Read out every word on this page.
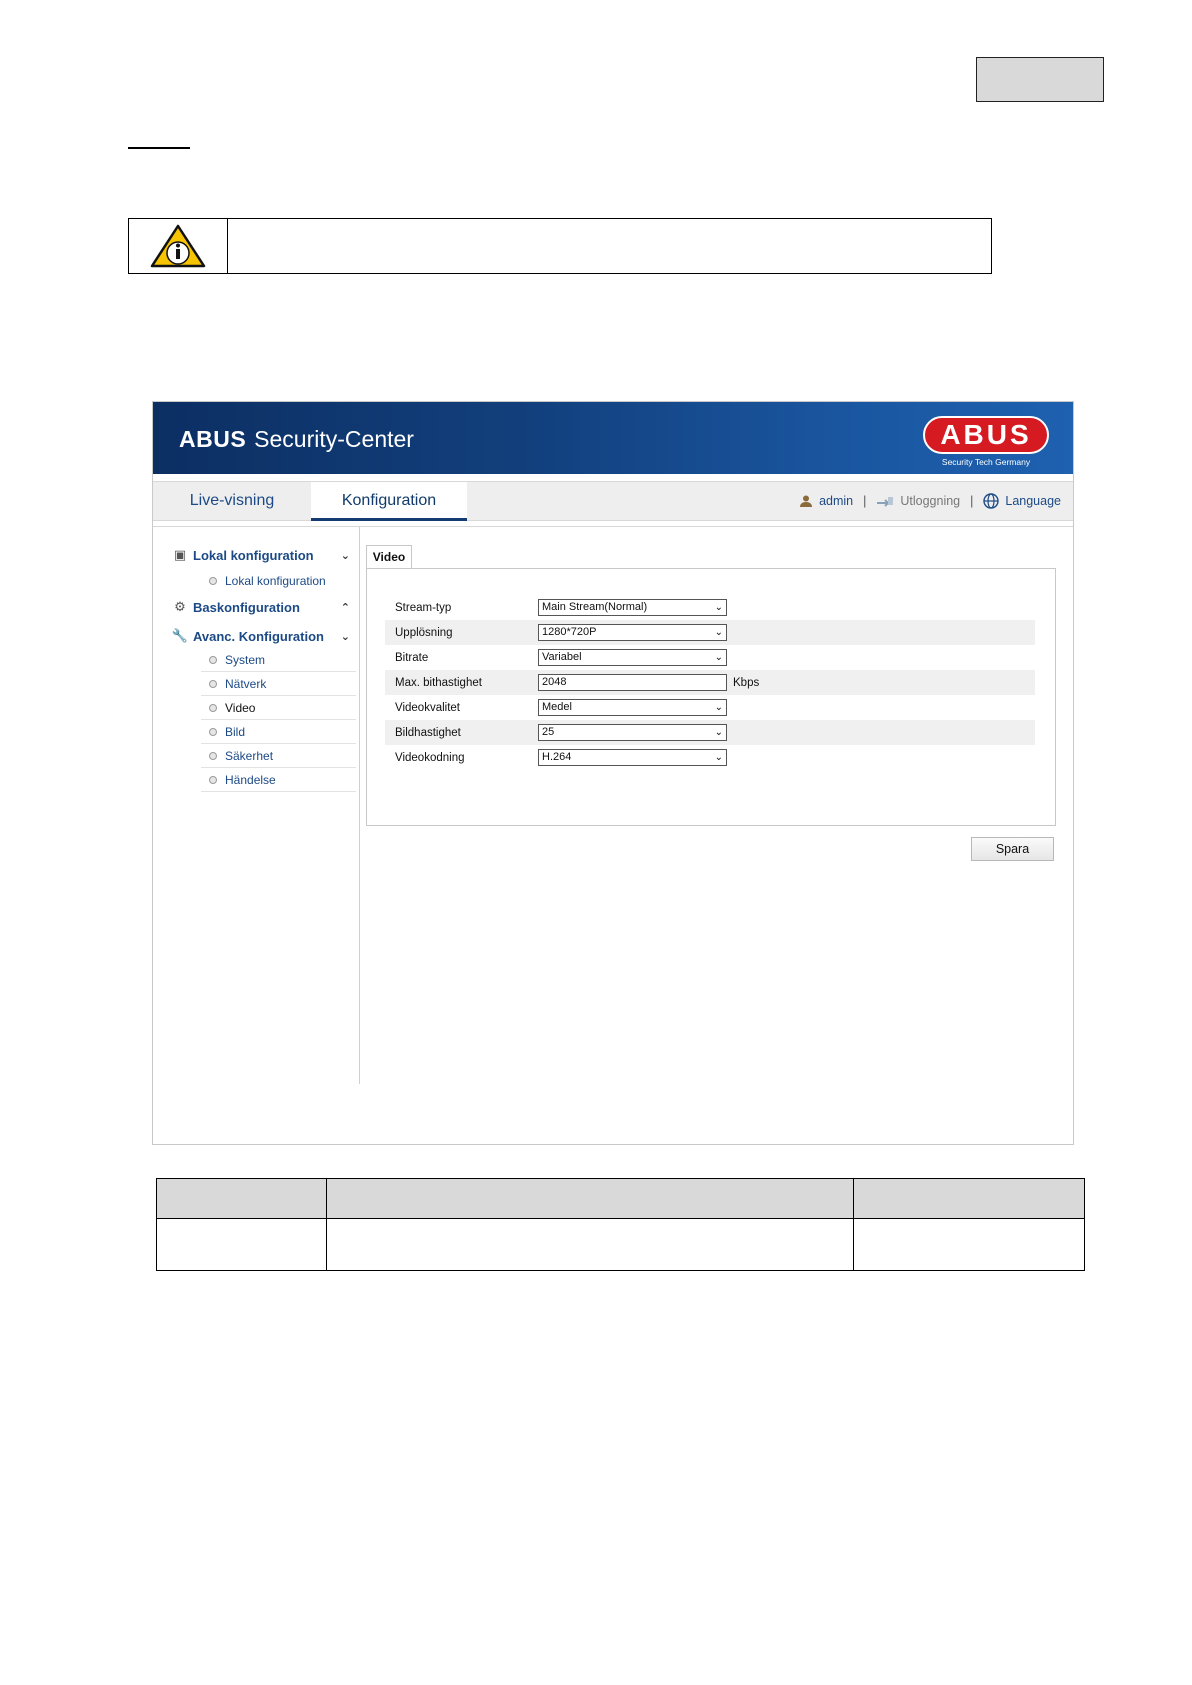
ABUS Security-Center	ABUS
Security Tech Germany
Live-visning	Konfiguration	admin |	Utloggning |	Language
▣ Lokal konfiguration ⌄
Lokal konfiguration
⚙ Baskonfiguration	⌃
🔧 Avanc. Konfiguration ⌄
System
Nätverk
Video
Bild
Säkerhet
Händelse
Video
Stream-typ	Main Stream(Normal)	⌄
Upplösning	1280*720P	⌄
Bitrate	Variabel	⌄
Max. bithastighet	2048	Kbps
Videokvalitet	Medel	⌄
Bildhastighet	25	⌄
Videokodning	H.264	⌄
Spara
